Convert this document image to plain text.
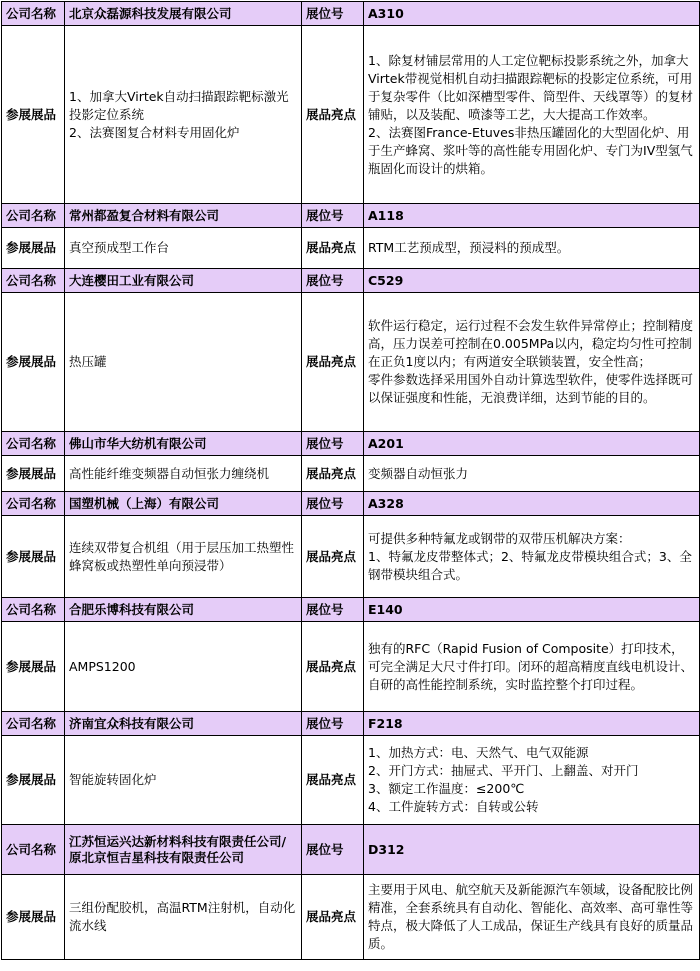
公司名称	北京众磊源科技发展有限公司	展位号	A310
参展展品	1、加拿大Virtek自动扫描跟踪靶标激光投影定位系统
2、法赛图复合材料专用固化炉	展品亮点	1、除复材铺层常用的人工定位靶标投影系统之外，加拿大Virtek带视觉相机自动扫描跟踪靶标的投影定位系统，可用于复杂零件（比如深槽型零件、筒型件、天线罩等）的复材铺贴，以及装配、喷漆等工艺，大大提高工作效率。
2、法赛图France-Etuves非热压罐固化的大型固化炉、用于生产蜂窝、浆叶等的高性能专用固化炉、专门为IV型氢气瓶固化而设计的烘箱。
公司名称	常州都盈复合材料有限公司	展位号	A118
参展展品	真空预成型工作台	展品亮点	RTM工艺预成型，预浸料的预成型。
公司名称	大连樱田工业有限公司	展位号	C529
参展展品	热压罐	展品亮点	软件运行稳定，运行过程不会发生软件异常停止；控制精度高，压力误差可控制在0.005MPa以内，稳定均匀性可控制在正负1度以内；有两道安全联锁装置，安全性高；
零件参数选择采用国外自动计算选型软件，使零件选择既可以保证强度和性能，无浪费详细，达到节能的目的。
公司名称	佛山市华大纺机有限公司	展位号	A201
参展展品	高性能纤维变频器自动恒张力缠绕机	展品亮点	变频器自动恒张力
公司名称	国塑机械（上海）有限公司	展位号	A328
参展展品	连续双带复合机组（用于层压加工热塑性蜂窝板或热塑性单向预浸带）	展品亮点	可提供多种特氟龙或钢带的双带压机解决方案：
1、特氟龙皮带整体式；2、特氟龙皮带模块组合式；3、全钢带模块组合式。
公司名称	合肥乐博科技有限公司	展位号	E140
参展展品	AMPS1200	展品亮点	独有的RFC（Rapid Fusion of Composite）打印技术，可完全满足大尺寸件打印。闭环的超高精度直线电机设计、自研的高性能控制系统，实时监控整个打印过程。
公司名称	济南宜众科技有限公司	展位号	F218
参展展品	智能旋转固化炉	展品亮点	1、加热方式：电、天然气、电气双能源
2、开门方式：抽屉式、平开门、上翻盖、对开门
3、额定工作温度：≤200℃
4、工件旋转方式：自转或公转
公司名称	江苏恒运兴达新材料科技有限责任公司/原北京恒吉星科技有限责任公司	展位号	D312
参展展品	三组份配胶机，高温RTM注射机，自动化流水线	展品亮点	主要用于风电、航空航天及新能源汽车领域，设备配胶比例精准，全套系统具有自动化、智能化、高效率、高可靠性等特点，极大降低了人工成品，保证生产线具有良好的质量品质。
